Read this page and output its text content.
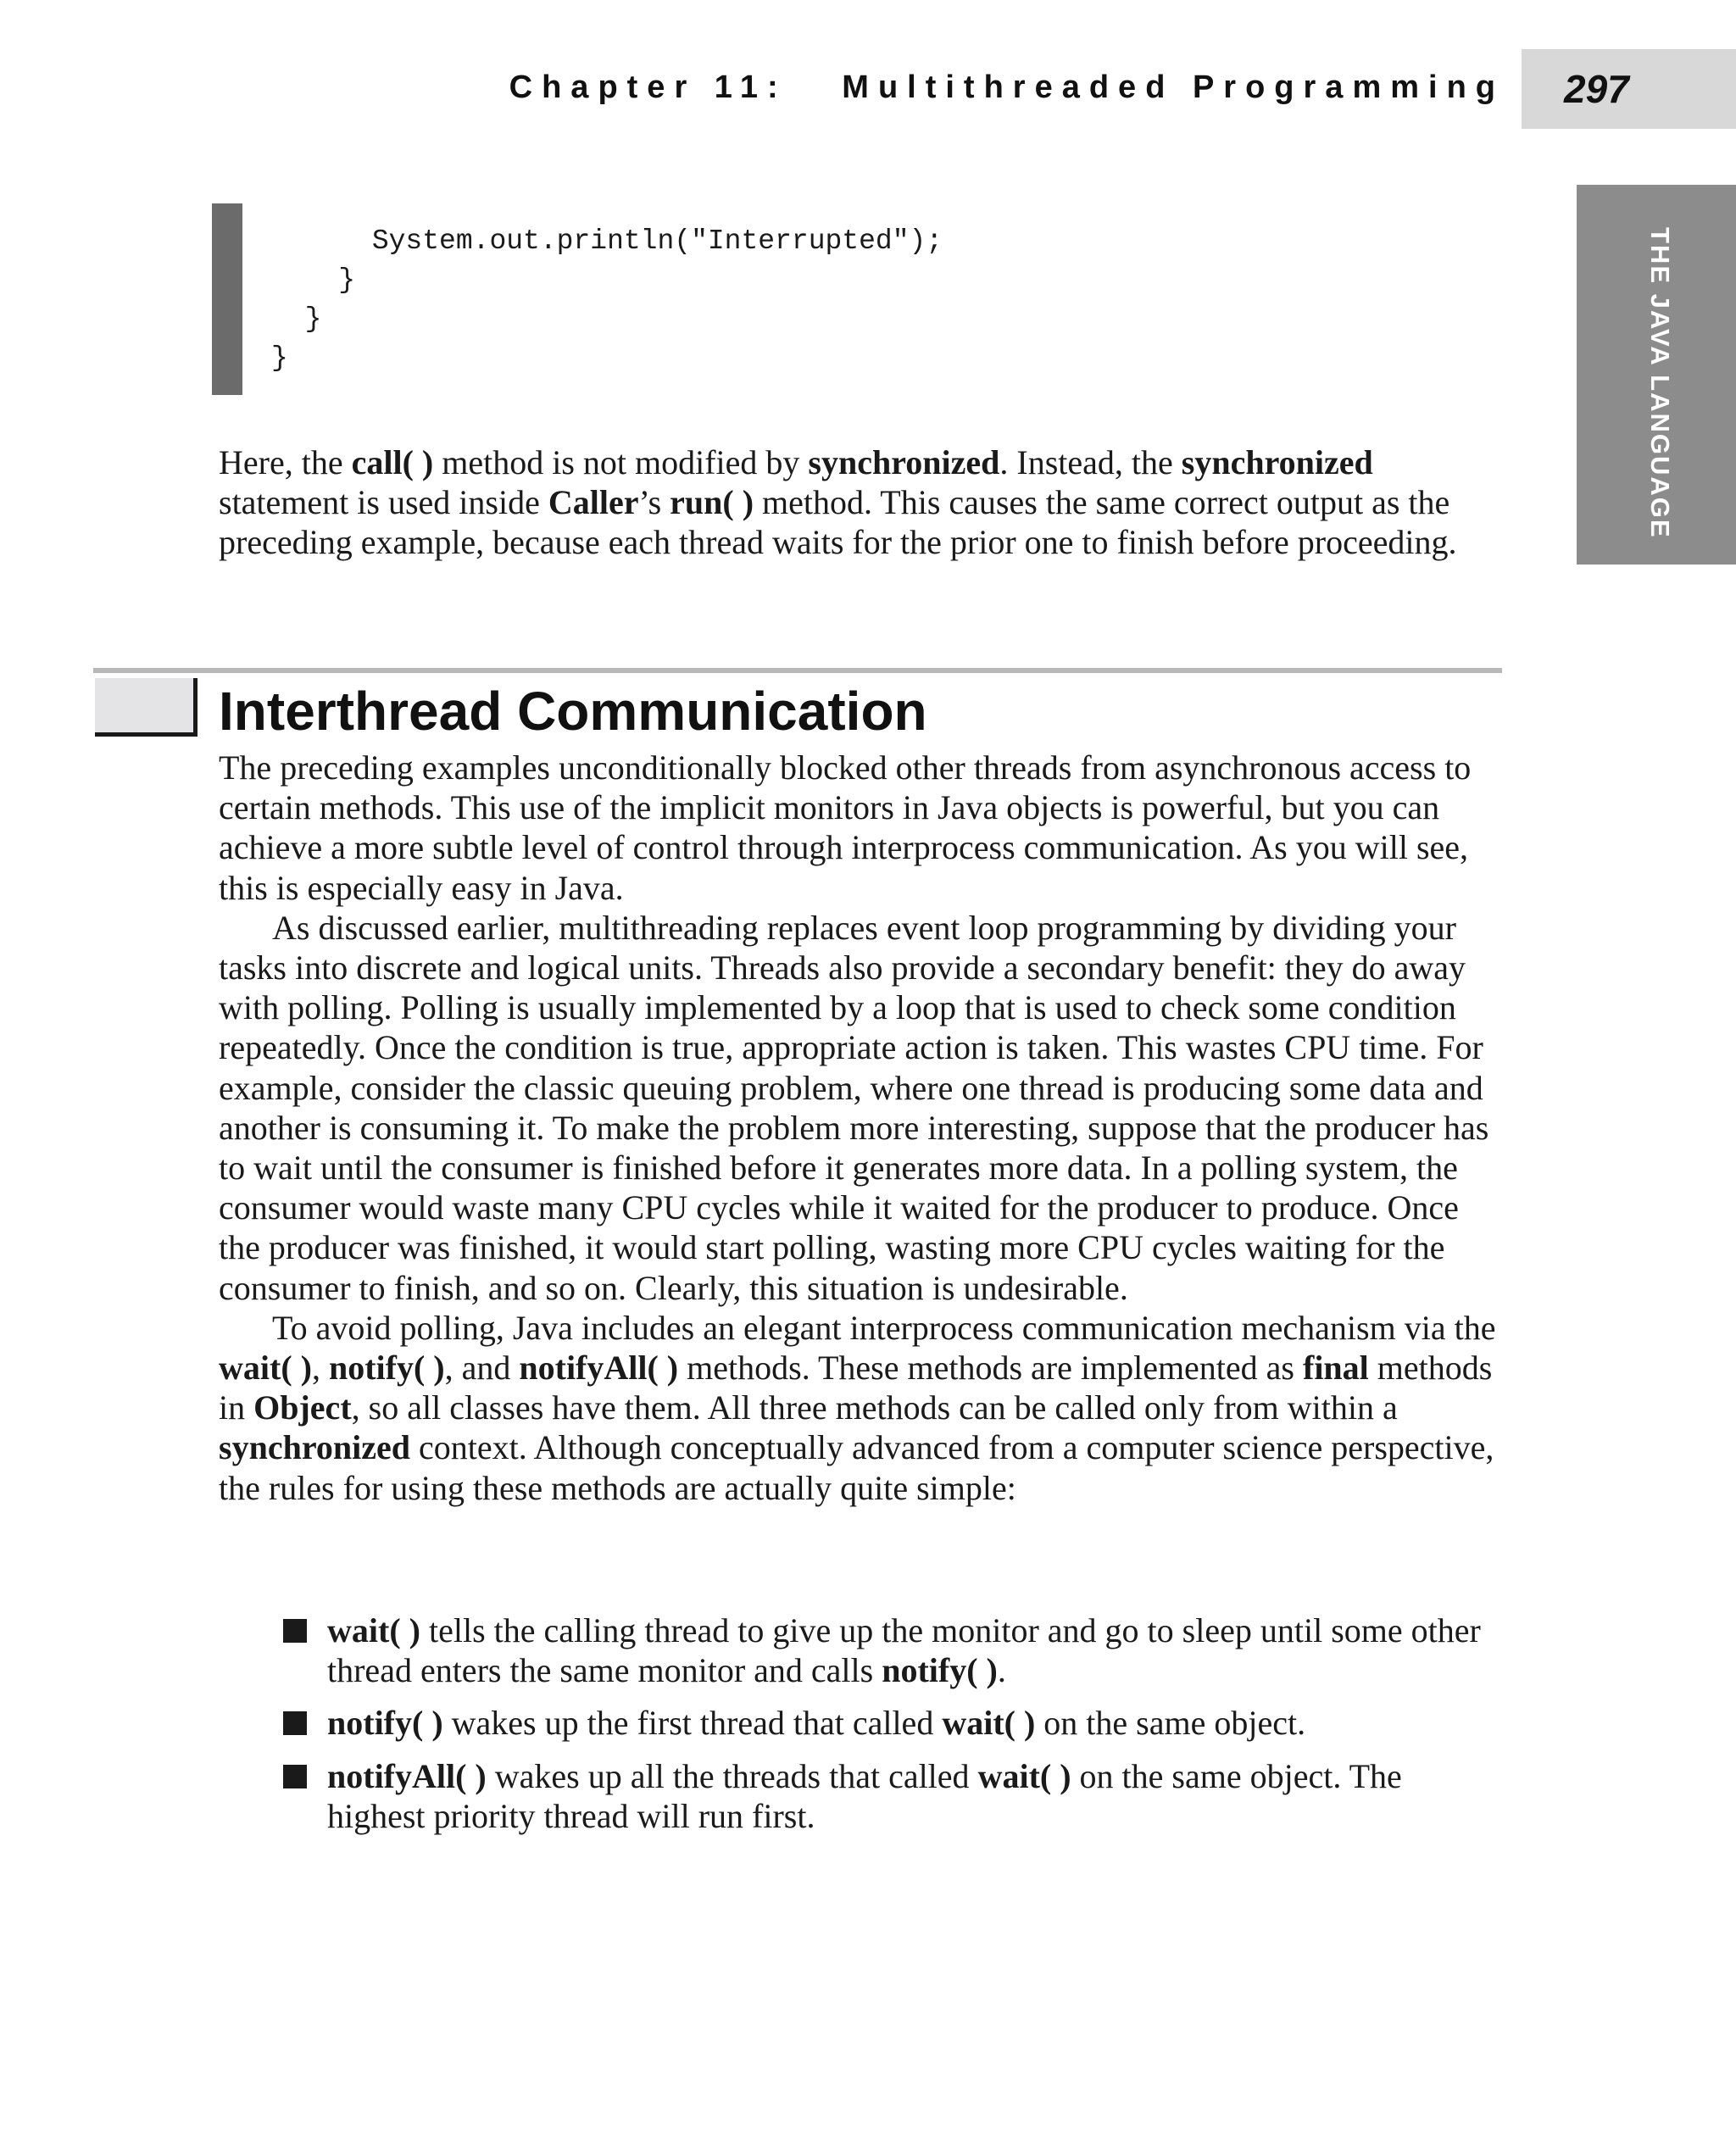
Chapter 11:   Multithreaded Programming 297
THE JAVA LANGUAGE
System.out.println("Interrupted");
}
}
}

Here, the call( ) method is not modified by synchronized. Instead, the synchronized statement is used inside Caller’s run( ) method. This causes the same correct output as the preceding example, because each thread waits for the prior one to finish before proceeding.

Interthread Communication

The preceding examples unconditionally blocked other threads from asynchronous access to certain methods. This use of the implicit monitors in Java objects is powerful, but you can achieve a more subtle level of control through interprocess communication. As you will see, this is especially easy in Java.

As discussed earlier, multithreading replaces event loop programming by dividing your tasks into discrete and logical units. Threads also provide a secondary benefit: they do away with polling. Polling is usually implemented by a loop that is used to check some condition repeatedly. Once the condition is true, appropriate action is taken. This wastes CPU time. For example, consider the classic queuing problem, where one thread is producing some data and another is consuming it. To make the problem more interesting, suppose that the producer has to wait until the consumer is finished before it generates more data. In a polling system, the consumer would waste many CPU cycles while it waited for the producer to produce. Once the producer was finished, it would start polling, wasting more CPU cycles waiting for the consumer to finish, and so on. Clearly, this situation is undesirable.

To avoid polling, Java includes an elegant interprocess communication mechanism via the wait( ), notify( ), and notifyAll( ) methods. These methods are implemented as final methods in Object, so all classes have them. All three methods can be called only from within a synchronized context. Although conceptually advanced from a computer science perspective, the rules for using these methods are actually quite simple:

wait( ) tells the calling thread to give up the monitor and go to sleep until some other thread enters the same monitor and calls notify( ).
notify( ) wakes up the first thread that called wait( ) on the same object.
notifyAll( ) wakes up all the threads that called wait( ) on the same object. The highest priority thread will run first.
